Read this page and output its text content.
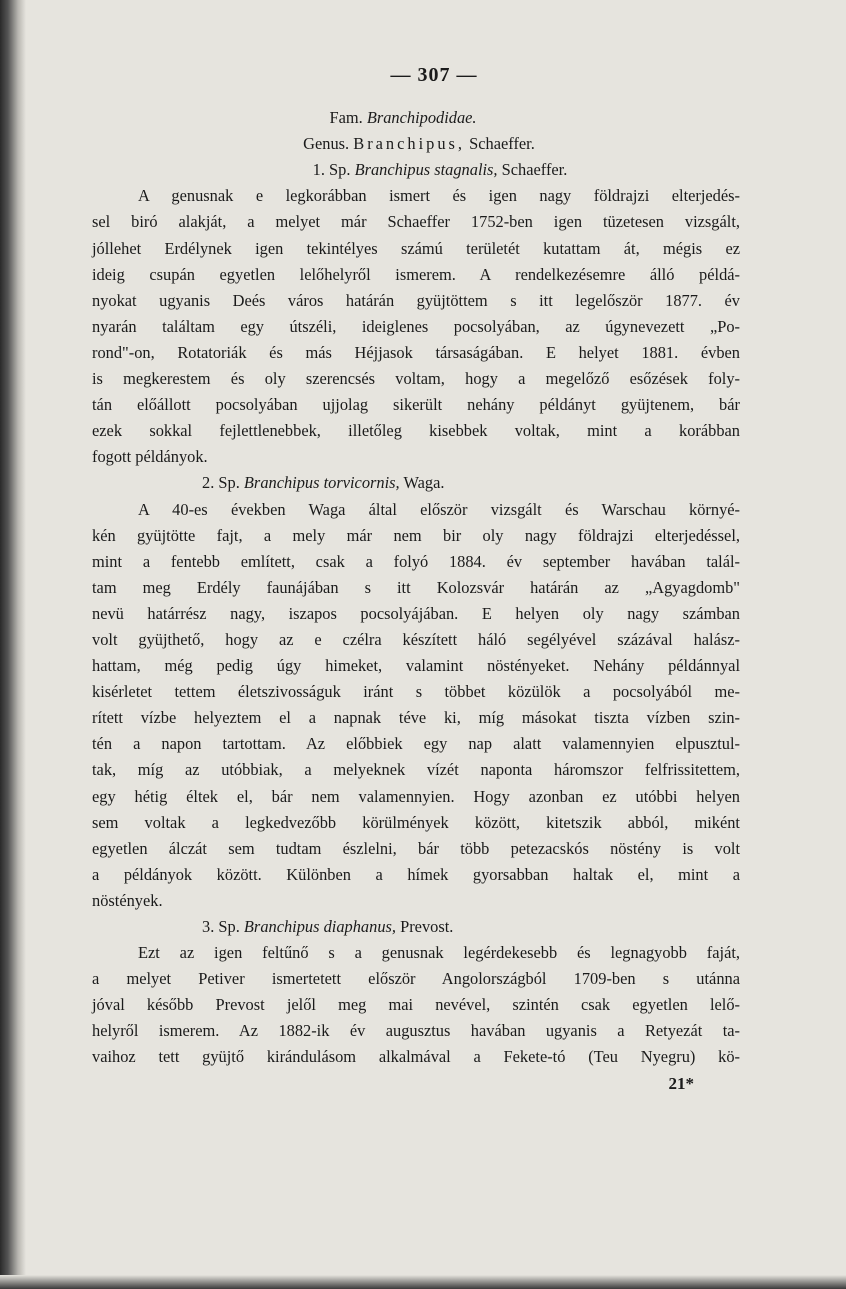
— 307 —
Fam. Branchipodidae.
Genus. Branchipus, Schaeffer.
1. Sp. Branchipus stagnalis, Schaeffer.
A genusnak e legkorábban ismert és igen nagy földrajzi elterjedés-
sel biró alakját, a melyet már Schaeffer 1752-ben igen tüzetesen vizsgált,
jóllehet Erdélynek igen tekintélyes számú területét kutattam át, mégis ez
ideig csupán egyetlen lelőhelyről ismerem. A rendelkezésemre álló példá-
nyokat ugyanis Deés város határán gyüjtöttem s itt legelőször 1877. év
nyarán találtam egy útszéli, ideiglenes pocsolyában, az úgynevezett „Po-
rond"-on, Rotatoriák és más Héjjasok társaságában. E helyet 1881. évben
is megkerestem és oly szerencsés voltam, hogy a megelőző esőzések foly-
tán előállott pocsolyában ujjolag sikerült nehány példányt gyüjtenem, bár
ezek sokkal fejlettlenebbek, illetőleg kisebbek voltak, mint a korábban
fogott példányok.
2. Sp. Branchipus torvicornis, Waga.
A 40-es években Waga által először vizsgált és Warschau környé-
kén gyüjtötte fajt, a mely már nem bir oly nagy földrajzi elterjedéssel,
mint a fentebb említett, csak a folyó 1884. év september havában talál-
tam meg Erdély faunájában s itt Kolozsvár határán az „Agyagdomb"
nevü határrész nagy, iszapos pocsolyájában. E helyen oly nagy számban
volt gyüjthető, hogy az e czélra készített háló segélyével százával halász-
hattam, még pedig úgy himeket, valamint nöstényeket. Nehány példánnyal
kisérletet tettem életszivosságuk iránt s többet közülök a pocsolyából me-
rített vízbe helyeztem el a napnak téve ki, míg másokat tiszta vízben szin-
tén a napon tartottam. Az előbbiek egy nap alatt valamennyien elpusztul-
tak, míg az utóbbiak, a melyeknek vízét naponta háromszor felfrissitettem,
egy hétig éltek el, bár nem valamennyien. Hogy azonban ez utóbbi helyen
sem voltak a legkedvezőbb körülmények között, kitetszik abból, miként
egyetlen álczát sem tudtam észlelni, bár több petezacskós nöstény is volt
a példányok között. Különben a hímek gyorsabban haltak el, mint a
nöstények.
3. Sp. Branchipus diaphanus, Prevost.
Ezt az igen feltűnő s a genusnak legérdekesebb és legnagyobb faját,
a melyet Petiver ismertetett először Angolországból 1709-ben s utánna
jóval később Prevost jelől meg mai nevével, szintén csak egyetlen lelő-
helyről ismerem. Az 1882-ik év augusztus havában ugyanis a Retyezát ta-
vaihoz tett gyüjtő kirándulásom alkalmával a Fekete-tó (Teu Nyegru) kö-
21*
